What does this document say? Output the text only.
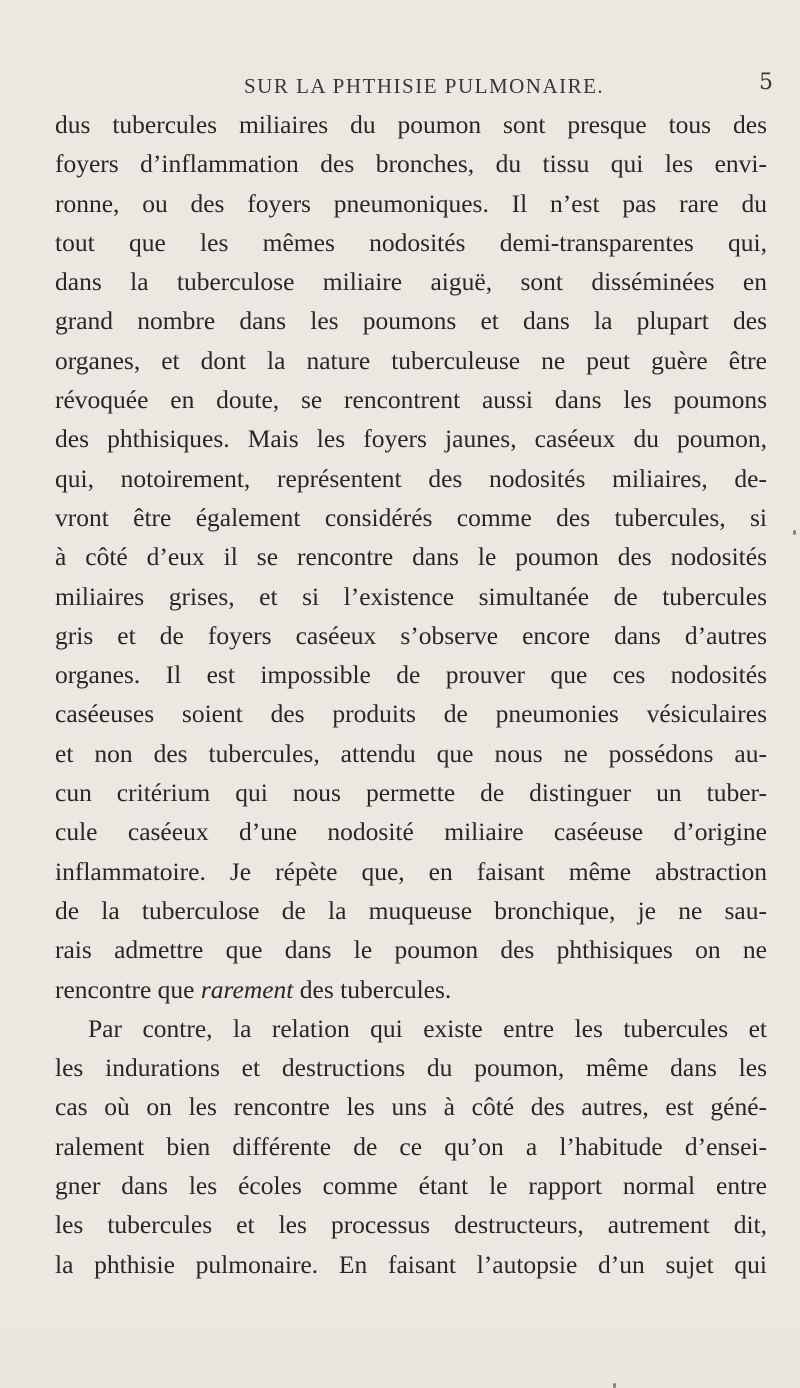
SUR LA PHTHISIE PULMONAIRE.	5
dus tubercules miliaires du poumon sont presque tous des
foyers d’inflammation des bronches, du tissu qui les envi-
ronne, ou des foyers pneumoniques. Il n’est pas rare du
tout que les mêmes nodosités demi-transparentes qui,
dans la tuberculose miliaire aiguë, sont disséminées en
grand nombre dans les poumons et dans la plupart des
organes, et dont la nature tuberculeuse ne peut guère être
révoquée en doute, se rencontrent aussi dans les poumons
des phthisiques. Mais les foyers jaunes, caséeux du poumon,
qui, notoirement, représentent des nodosités miliaires, de-
vront être également considérés comme des tubercules, si
à côté d’eux il se rencontre dans le poumon des nodosités
miliaires grises, et si l’existence simultanée de tubercules
gris et de foyers caséeux s’observe encore dans d’autres
organes. Il est impossible de prouver que ces nodosités
caséeuses soient des produits de pneumonies vésiculaires
et non des tubercules, attendu que nous ne possédons au-
cun critérium qui nous permette de distinguer un tuber-
cule caséeux d’une nodosité miliaire caséeuse d’origine
inflammatoire. Je répète que, en faisant même abstraction
de la tuberculose de la muqueuse bronchique, je ne sau-
rais admettre que dans le poumon des phthisiques on ne
rencontre que rarement des tubercules.
Par contre, la relation qui existe entre les tubercules et
les indurations et destructions du poumon, même dans les
cas où on les rencontre les uns à côté des autres, est géné-
ralement bien différente de ce qu’on a l’habitude d’ensei-
gner dans les écoles comme étant le rapport normal entre
les tubercules et les processus destructeurs, autrement dit,
la phthisie pulmonaire. En faisant l’autopsie d’un sujet qui
